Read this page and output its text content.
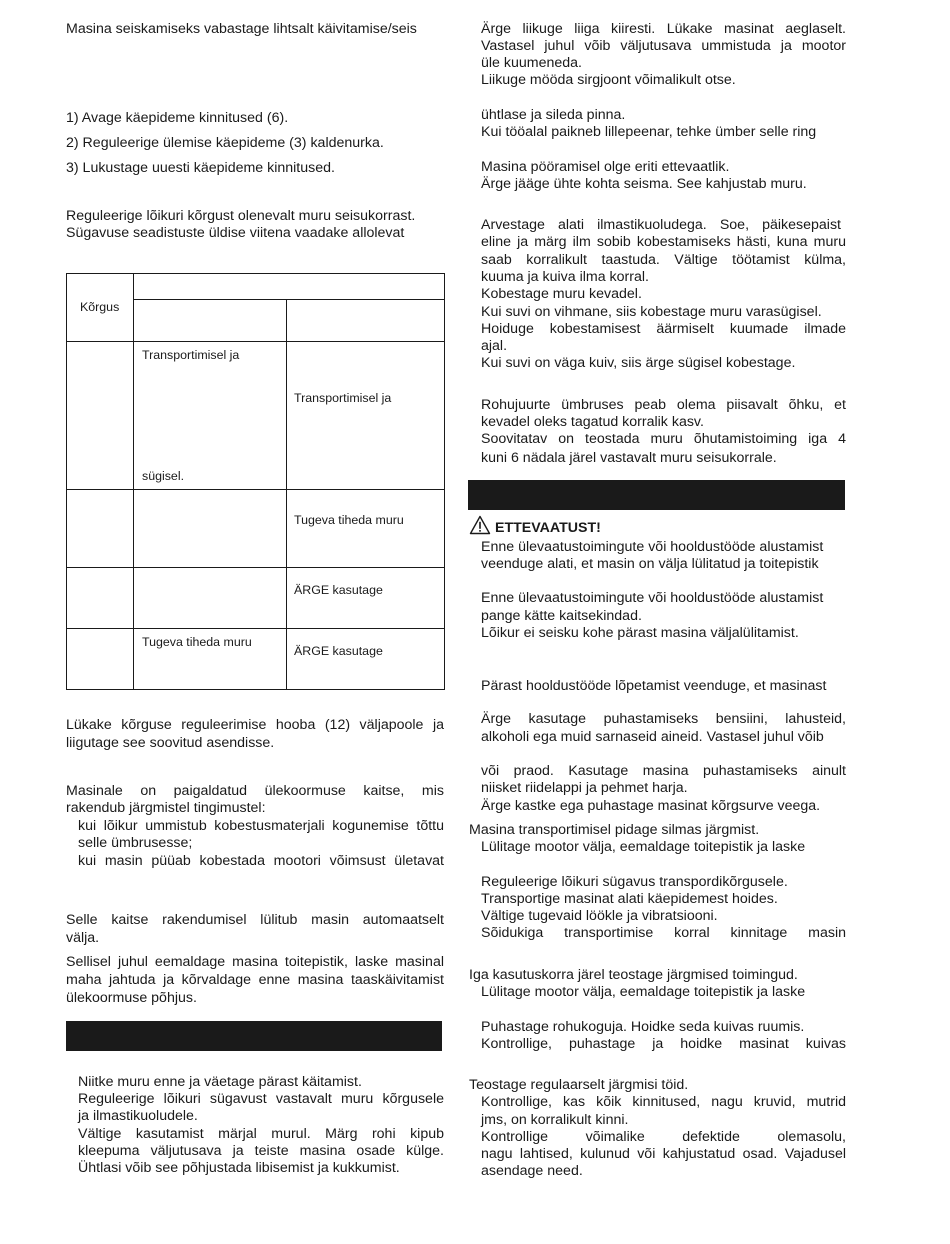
Masina seiskamiseks vabastage lihtsalt käivitamise/seis
1) Avage käepideme kinnitused (6).
2) Reguleerige ülemise käepideme (3) kaldenurka.
3) Lukustage uuesti käepideme kinnitused.
Reguleerige lõikuri kõrgust olenevalt muru seisukorrast.
Sügavuse seadistuste üldise viitena vaadake allolevat
Kõrgus
Transportimisel ja
sügisel.
Transportimisel ja
Tugeva tiheda muru
ÄRGE kasutage
Tugeva tiheda muru
ÄRGE kasutage
Lükake kõrguse reguleerimise hooba (12) väljapoole ja
liigutage see soovitud asendisse.
Masinale on paigaldatud ülekoormuse kaitse, mis
rakendub järgmistel tingimustel:
kui lõikur ummistub kobestusmaterjali kogunemise tõttu
selle ümbrusesse;
kui masin püüab kobestada mootori võimsust ületavat
Selle kaitse rakendumisel lülitub masin automaatselt
välja.
Sellisel juhul eemaldage masina toitepistik, laske masinal
maha jahtuda ja kõrvaldage enne masina taaskäivitamist
ülekoormuse põhjus.
Niitke muru enne ja väetage pärast käitamist.
Reguleerige lõikuri sügavust vastavalt muru kõrgusele
ja ilmastikuoludele.
Vältige kasutamist märjal murul. Märg rohi kipub
kleepuma väljutusava ja teiste masina osade külge.
Ühtlasi võib see põhjustada libisemist ja kukkumist.
Ärge liikuge liiga kiiresti. Lükake masinat aeglaselt.
Vastasel juhul võib väljutusava ummistuda ja mootor
üle kuumeneda.
Liikuge mööda sirgjoont võimalikult otse.
ühtlase ja sileda pinna.
Kui tööalal paikneb lillepeenar, tehke ümber selle ring
Masina pööramisel olge eriti ettevaatlik.
Ärge jääge ühte kohta seisma. See kahjustab muru.
Arvestage alati ilmastikuoludega. Soe, päikesepaist
eline ja märg ilm sobib kobestamiseks hästi, kuna muru
saab korralikult taastuda. Vältige töötamist külma,
kuuma ja kuiva ilma korral.
Kobestage muru kevadel.
Kui suvi on vihmane, siis kobestage muru varasügisel.
Hoiduge kobestamisest äärmiselt kuumade ilmade
ajal.
Kui suvi on väga kuiv, siis ärge sügisel kobestage.
Rohujuurte ümbruses peab olema piisavalt õhku, et
kevadel oleks tagatud korralik kasv.
Soovitatav on teostada muru õhutamistoiming iga 4
kuni 6 nädala järel vastavalt muru seisukorrale.
ETTEVAATUST!
Enne ülevaatustoimingute või hooldustööde alustamist
veenduge alati, et masin on välja lülitatud ja toitepistik
Enne ülevaatustoimingute või hooldustööde alustamist
pange kätte kaitsekindad.
Lõikur ei seisku kohe pärast masina väljalülitamist.
Pärast hooldustööde lõpetamist veenduge, et masinast
Ärge kasutage puhastamiseks bensiini, lahusteid,
alkoholi ega muid sarnaseid aineid. Vastasel juhul võib
või praod. Kasutage masina puhastamiseks ainult
niisket riidelappi ja pehmet harja.
Ärge kastke ega puhastage masinat kõrgsurve veega.
Masina transportimisel pidage silmas järgmist.
Lülitage mootor välja, eemaldage toitepistik ja laske
Reguleerige lõikuri sügavus transpordikõrgusele.
Transportige masinat alati käepidemest hoides.
Vältige tugevaid löökle ja vibratsiooni.
Sõidukiga transportimise korral kinnitage masin
Iga kasutuskorra järel teostage järgmised toimingud.
Lülitage mootor välja, eemaldage toitepistik ja laske
Puhastage rohukoguja. Hoidke seda kuivas ruumis.
Kontrollige, puhastage ja hoidke masinat kuivas
Teostage regulaarselt järgmisi töid.
Kontrollige, kas kõik kinnitused, nagu kruvid, mutrid
jms, on korralikult kinni.
Kontrollige võimalike defektide olemasolu,
nagu lahtised, kulunud või kahjustatud osad. Vajadusel
asendage need.
